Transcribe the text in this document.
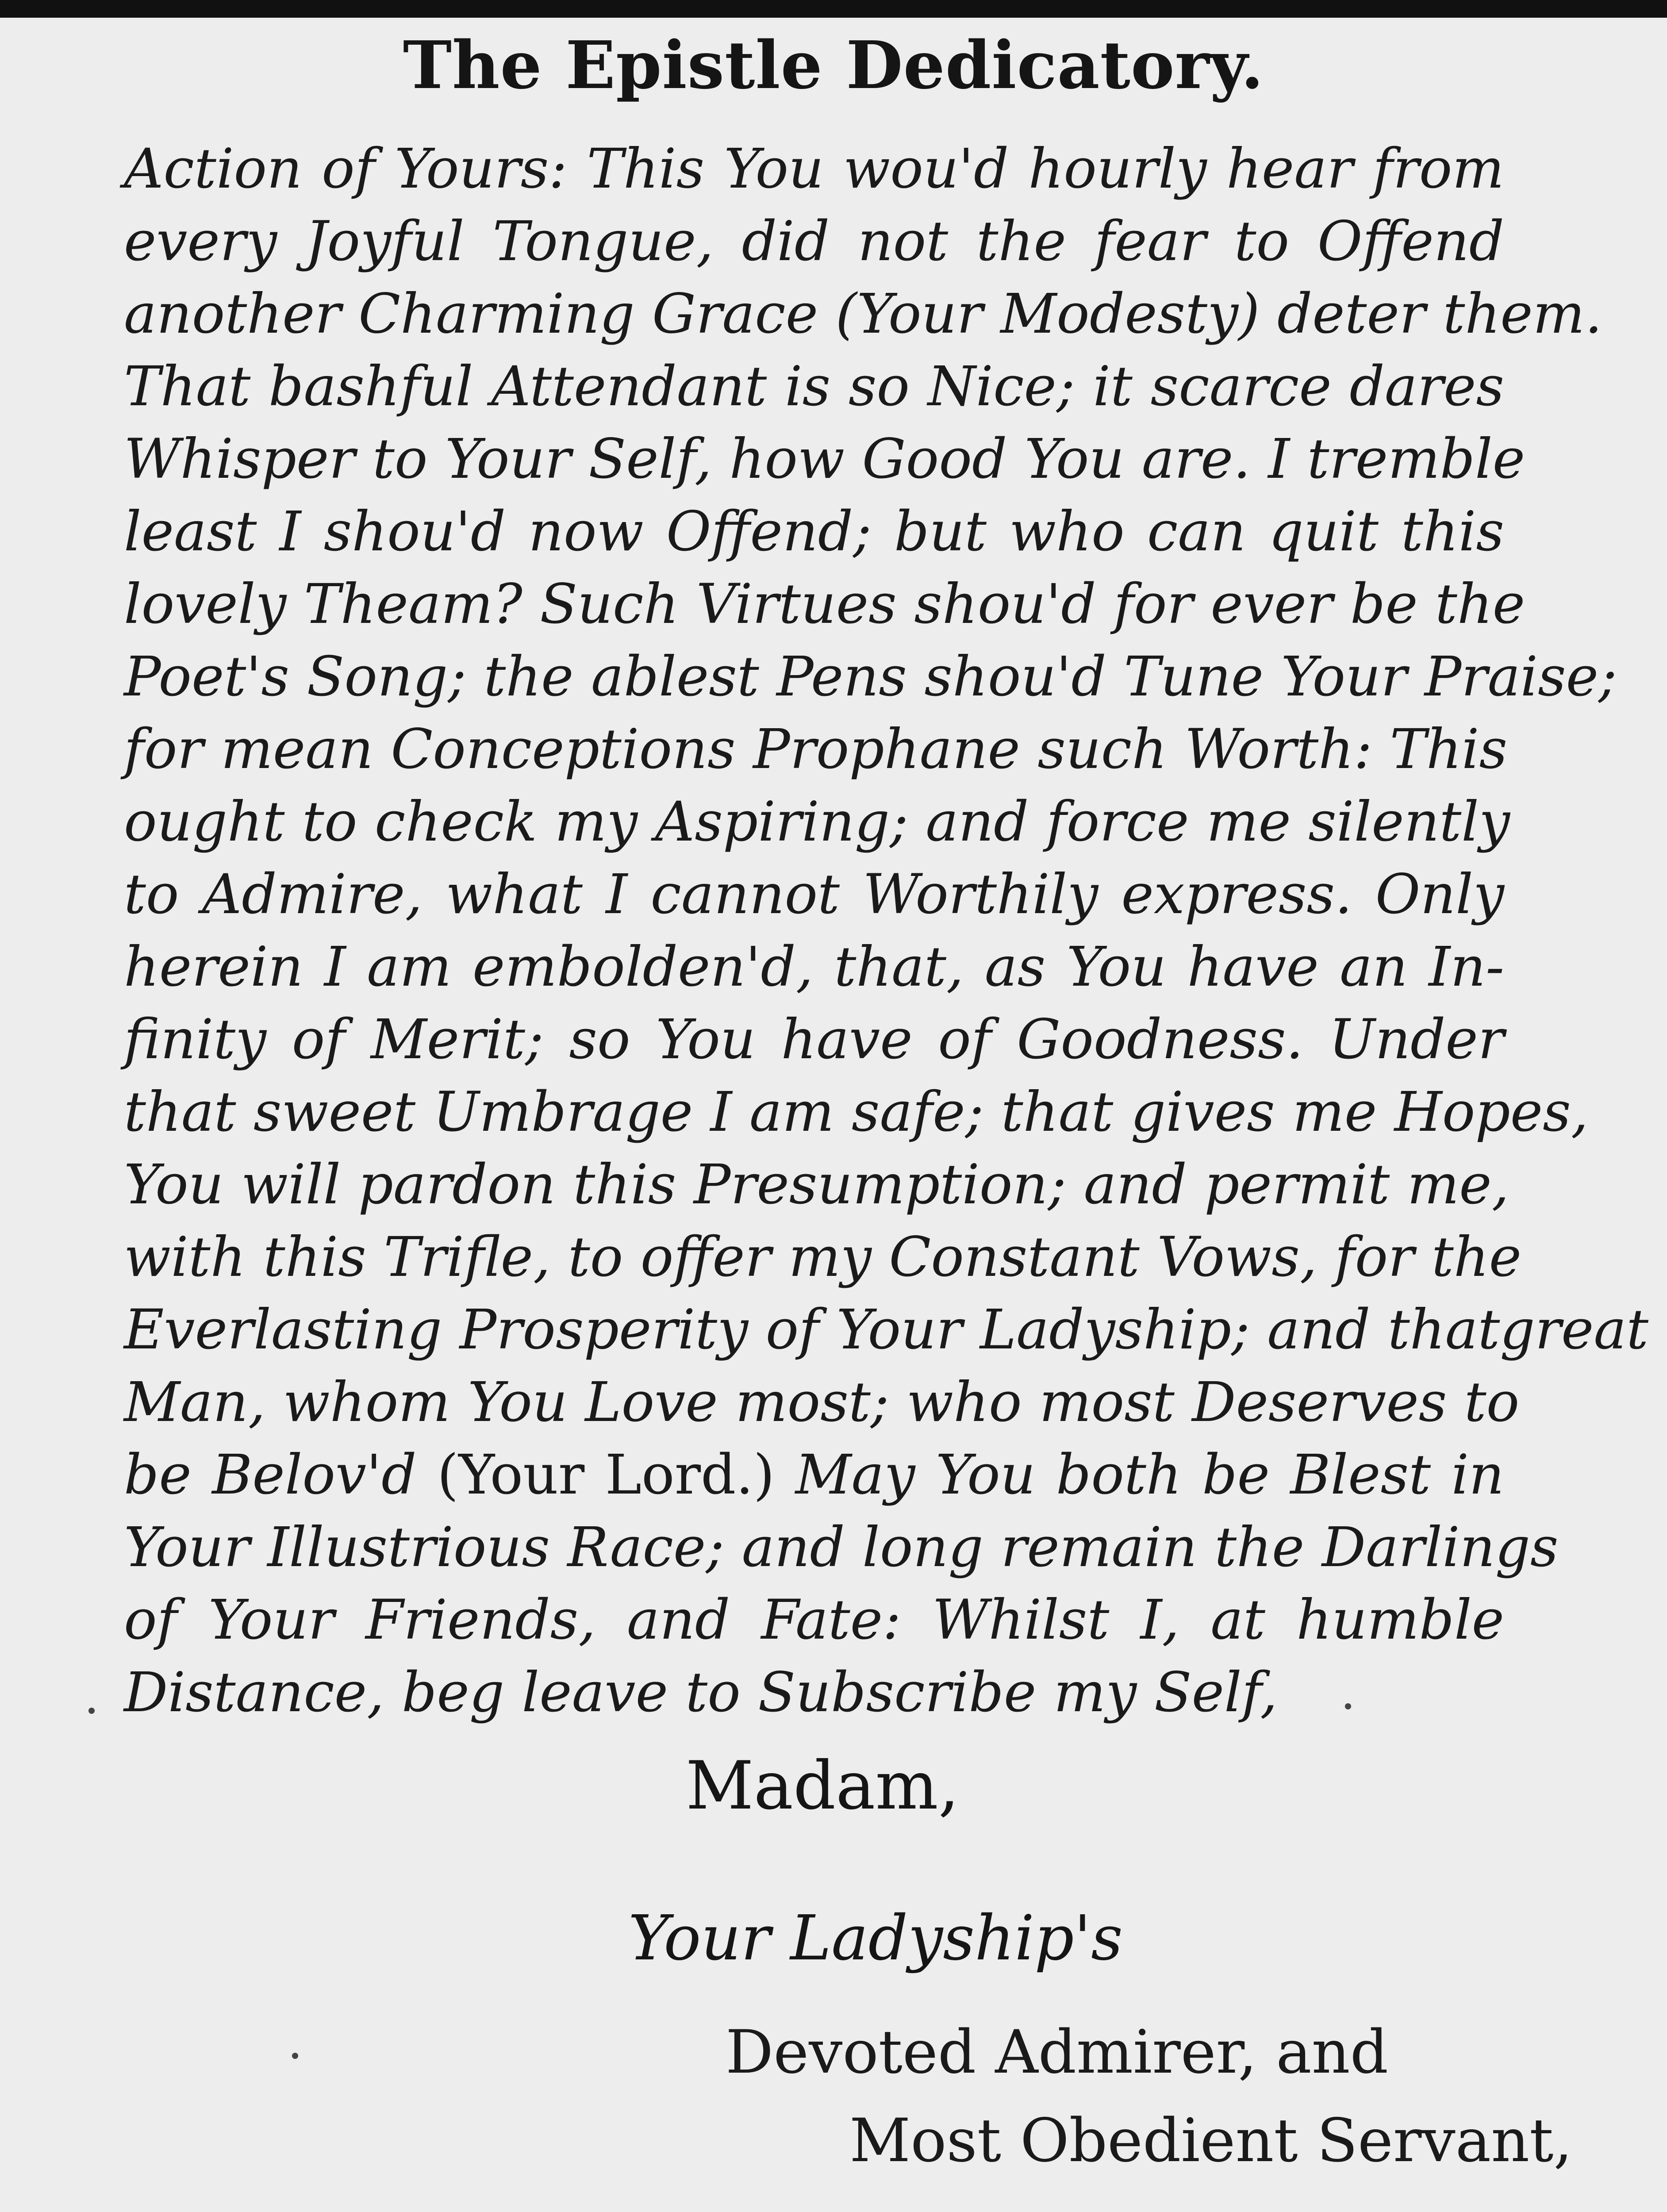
The Epistle Dedicatory.
Action of Yours: This You wou'd hourly hear from
every Joyful Tongue, did not the fear to Offend
another Charming Grace (Your Modesty) deter them.
That bashful Attendant is so Nice; it scarce dares
Whisper to Your Self, how Good You are. I tremble
least I shou'd now Offend; but who can quit this
lovely Theam? Such Virtues shou'd for ever be the
Poet's Song; the ablest Pens shou'd Tune Your Praise;
for mean Conceptions Prophane such Worth: This
ought to check my Aspiring; and force me silently
to Admire, what I cannot Worthily express. Only
herein I am embolden'd, that, as You have an In-
finity of Merit; so You have of Goodness. Under
that sweet Umbrage I am safe; that gives me Hopes,
You will pardon this Presumption; and permit me,
with this Trifle, to offer my Constant Vows, for the
Everlasting Prosperity of Your Ladyship; and thatgreat
Man, whom You Love most; who most Deserves to
be Belov'd (Your Lord.) May You both be Blest in
Your Illustrious Race; and long remain the Darlings
of Your Friends, and Fate: Whilst I, at humble
Distance, beg leave to Subscribe my Self,
Madam,
Your Ladyship's
Devoted Admirer, and
Most Obedient Servant,
